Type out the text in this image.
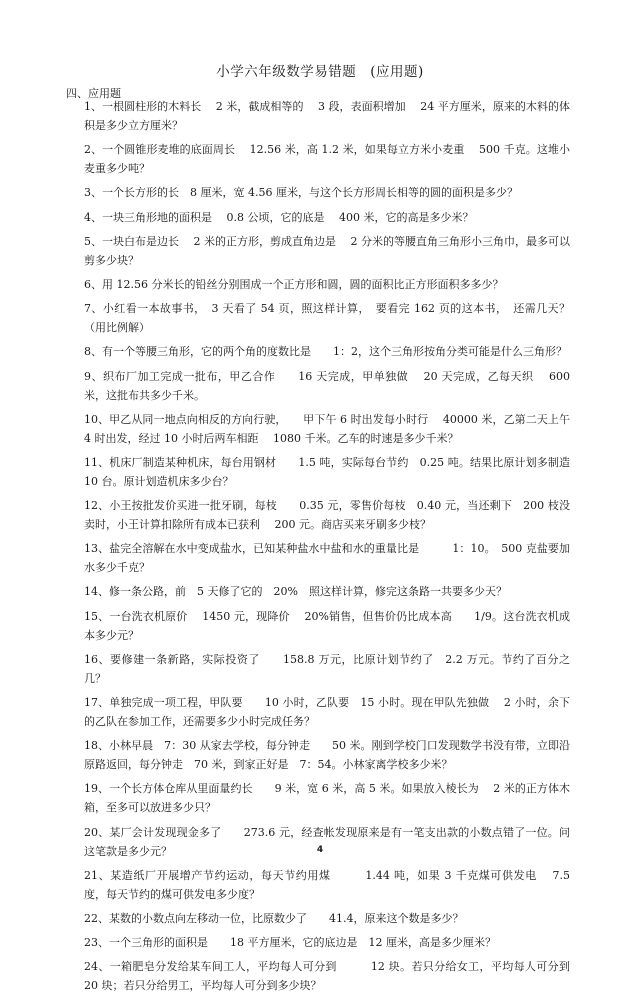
小学六年级数学易错题　(应用题)
四、应用题
1、一根圆柱形的木料长　 2 米，截成相等的　 3 段，表面积增加　 24 平方厘米，原来的木料的体积是多少立方厘米？
2、一个圆锥形麦堆的底面周长　 12.56 米，高 1.2 米，如果每立方米小麦重　 500 千克。这堆小麦重多少吨？
3、一个长方形的长　8 厘米，宽 4.56 厘米，与这个长方形周长相等的圆的面积是多少？
4、一块三角形地的面积是　 0.8 公顷，它的底是　 400 米，它的高是多少米？
5、一块白布是边长　 2 米的正方形，剪成直角边是　 2 分米的等腰直角三角形小三角巾，最多可以剪多少块？
6、用 12.56 分米长的铅丝分别围成一个正方形和圆，圆的面积比正方形面积多多少？
7、小红看一本故事书，　3 天看了 54 页，照这样计算，　要看完 162 页的这本书，　还需几天？ （用比例解）
8、有一个等腰三角形，它的两个角的度数比是　　1：2，这个三角形按角分类可能是什么三角形？
9、织布厂加工完成一批布，甲乙合作　　16 天完成，甲单独做　 20 天完成，乙每天织　 600 米，这批布共多少千米。
10、甲乙从同一地点向相反的方向行驶，　　甲下午 6 时出发每小时行　 40000 米，乙第二天上午　 4 时出发，经过 10 小时后两车相距　 1080 千米。乙车的时速是多少千米？
11、机床厂制造某种机床，每台用钢材　　1.5 吨，实际每台节约　0.25 吨。结果比原计划多制造　　10 台。原计划造机床多少台？
12、小王按批发价买进一批牙刷，每枝　　0.35 元，零售价每枝　0.40 元，当还剩下　200 枝没卖时，小王计算扣除所有成本已获利　 200 元。商店买来牙刷多少枝？
13、盐完全溶解在水中变成盐水，已知某种盐水中盐和水的重量比是　　　1：10。　500 克盐要加水多少千克？
14、修一条公路，前　5 天修了它的　20%　照这样计算，修完这条路一共要多少天？
15、一台洗衣机原价　 1450 元，现降价　 20%销售，但售价仍比成本高　　1/9。这台洗衣机成本多少元？
16、要修建一条新路，实际投资了　　158.8 万元，比原计划节约了　2.2 万元。节约了百分之几？
17、单独完成一项工程，甲队要　　10 小时，乙队要　15 小时。现在甲队先独做　 2 小时，余下的乙队在参加工作，还需要多少小时完成任务？
18、小林早晨　7：30 从家去学校，每分钟走　　50 米。刚到学校门口发现数学书没有带，立即沿原路返回，每分钟走　70 米，到家正好是　7：54。小林家离学校多少米？
19、一个长方体仓库从里面量约长　　9 米，宽 6 米，高 5 米。如果放入棱长为　 2 米的正方体木箱，至多可以放进多少只？
20、某厂会计发现现金多了　　273.6 元，经查帐发现原来是有一笔支出款的小数点错了一位。问这笔款是多少元？
21、某造纸厂开展增产节约运动，每天节约用煤　　　1.44 吨，如果 3 千克煤可供发电　 7.5 度，每天节约的煤可供发电多少度？
22、某数的小数点向左移动一位，比原数少了　　41.4，原来这个数是多少？
23、一个三角形的面积是　　18 平方厘米，它的底边是　12 厘米，高是多少厘米？
24、一箱肥皂分发给某车间工人，平均每人可分到　　　12 块。若只分给女工，平均每人可分到　　20 块；若只分给男工，平均每人可分到多少块？
4
